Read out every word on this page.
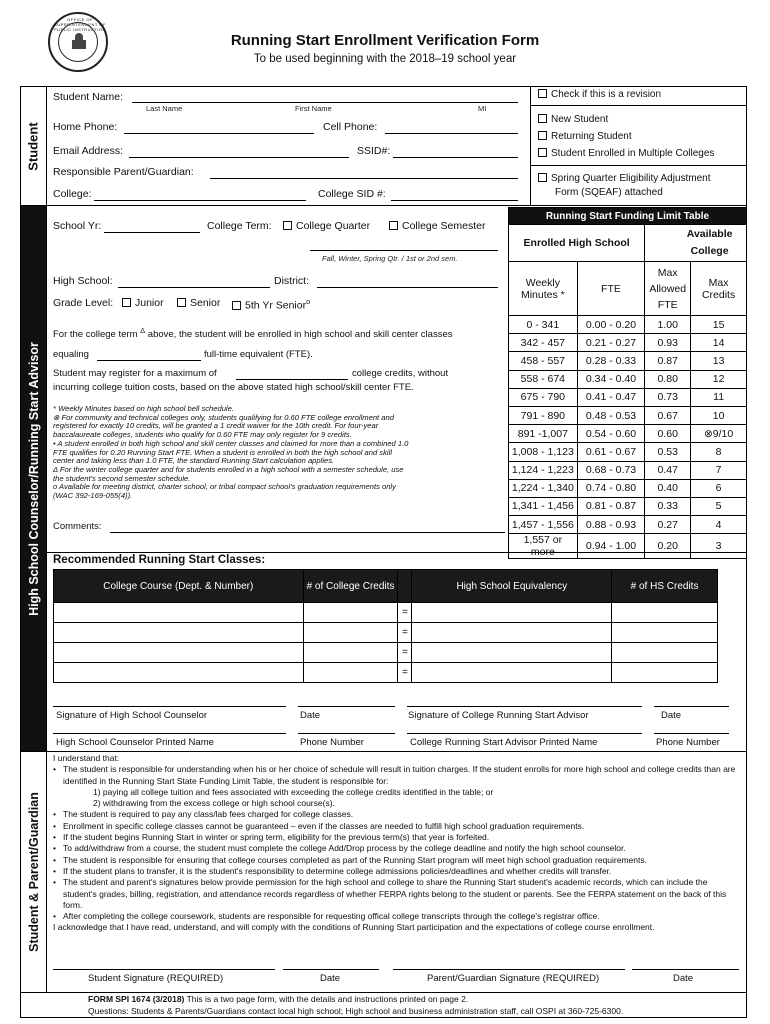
OFFICE OF SUPERINTENDENT OF PUBLIC INSTRUCTION
Running Start Enrollment Verification Form
To be used beginning with the 2018–19 school year
Student
Student Name:
Last Name	First Name	MI
Home Phone:	Cell Phone:
Email Address:	SSID#:
Responsible Parent/Guardian:
College:	College SID #:
Check if this is a revision
New Student
Returning Student
Student Enrolled in Multiple Colleges
Spring Quarter Eligibility Adjustment
Form (SQEAF) attached
High School Counselor/Running Start Advisor
School Yr:	College Term:	College Quarter	College Semester
Fall, Winter, Spring Qtr. / 1st or 2nd sem.
High School:	District:
Grade Level:	Junior	Senior	5th Yr Senior$^o$
For the college term $^\Delta$ above, the student will be enrolled in high school and skill center classes
equaling	full-time equivalent (FTE).
Student may register for a maximum of	college credits, without
incurring college tuition costs, based on the above stated high school/skill center FTE.
* Weekly Minutes based on high school bell schedule.
⊗ For community and technical colleges only, students qualifying for 0.60 FTE college enrollment and
registered for exactly 10 credits, will be granted a 1 credit waiver for the 10th credit. For four-year
baccalaureate colleges, students who qualify for 0.60 FTE may only register for 9 credits.
• A student enrolled in both high school and skill center classes and claimed for more than a combined 1.0
FTE qualifies for 0.20 Running Start FTE. When a student is enrolled in both the high school and skill
center and taking less than 1.0 FTE, the standard Running Start calculation applies.
Δ For the winter college quarter and for students enrolled in a high school with a semester schedule, use
the student's second semester schedule.
o Available for meeting district, charter school, or tribal compact school's graduation requirements only
(WAC 392-169-055(4)).
Comments:
Running Start Funding Limit Table			
Enrolled High School		Available College	
Weekly Minutes *	FTE	Max Allowed FTE	Max Credits
0 - 341	0.00 - 0.20	1.00	15
342 - 457	0.21 - 0.27	0.93	14
458 - 557	0.28 - 0.33	0.87	13
558 - 674	0.34 - 0.40	0.80	12
675 - 790	0.41 - 0.47	0.73	11
791 - 890	0.48 - 0.53	0.67	10
891 -1,007	0.54 - 0.60	0.60	⊗9/10
1,008 - 1,123	0.61 - 0.67	0.53	8
1,124 - 1,223	0.68 - 0.73	0.47	7
1,224 - 1,340	0.74 - 0.80	0.40	6
1,341 - 1,456	0.81 - 0.87	0.33	5
1,457 - 1,556	0.88 - 0.93	0.27	4
1,557 or more	0.94 - 1.00	0.20	3
Recommended Running Start Classes:
College Course (Dept. & Number)	# of College Credits		High School Equivalency	# of HS Credits
		=		
		=		
		=		
		=		
Signature of High School Counselor	Date	Signature of College Running Start Advisor	Date
High School Counselor Printed Name	Phone Number	College Running Start Advisor Printed Name	Phone Number
Student & Parent/Guardian
I understand that:
• The student is responsible for understanding when his or her choice of schedule will result in tuition charges. If the student enrolls for more high school and college credits than are identified in the Running Start State Funding Limit Table, the student is responsible for:
1) paying all college tuition and fees associated with exceeding the college credits identified in the table; or
2) withdrawing from the excess college or high school course(s).
• The student is required to pay any class/lab fees charged for college classes.
• Enrollment in specific college classes cannot be guaranteed – even if the classes are needed to fulfill high school graduation requirements.
• If the student begins Running Start in winter or spring term, eligibility for the previous term(s) that year is forfeited.
• To add/withdraw from a course, the student must complete the college Add/Drop process by the college deadline and notify the high school counselor.
• The student is responsible for ensuring that college courses completed as part of the Running Start program will meet high school graduation requirements.
• If the student plans to transfer, it is the student's responsibility to determine college admissions policies/deadlines and whether credits will transfer.
• The student and parent's signatures below provide permission for the high school and college to share the Running Start student's academic records, which can include the student's grades, billing, registration, and attendance records regardless of whether FERPA rights belong to the student or parents. See the FERPA statement on the back of this form.
• After completing the college coursework, students are responsible for requesting offical college transcripts through the college's registrar office.
I acknowledge that I have read, understand, and will comply with the conditions of Running Start participation and the expectations of college course enrollment.
Student Signature (REQUIRED)	Date	Parent/Guardian Signature (REQUIRED)	Date
FORM SPI 1674 (3/2018) This is a two page form, with the details and instructions printed on page 2.
Questions: Students & Parents/Guardians contact local high school; High school and business administration staff, call OSPI at 360-725-6300.
